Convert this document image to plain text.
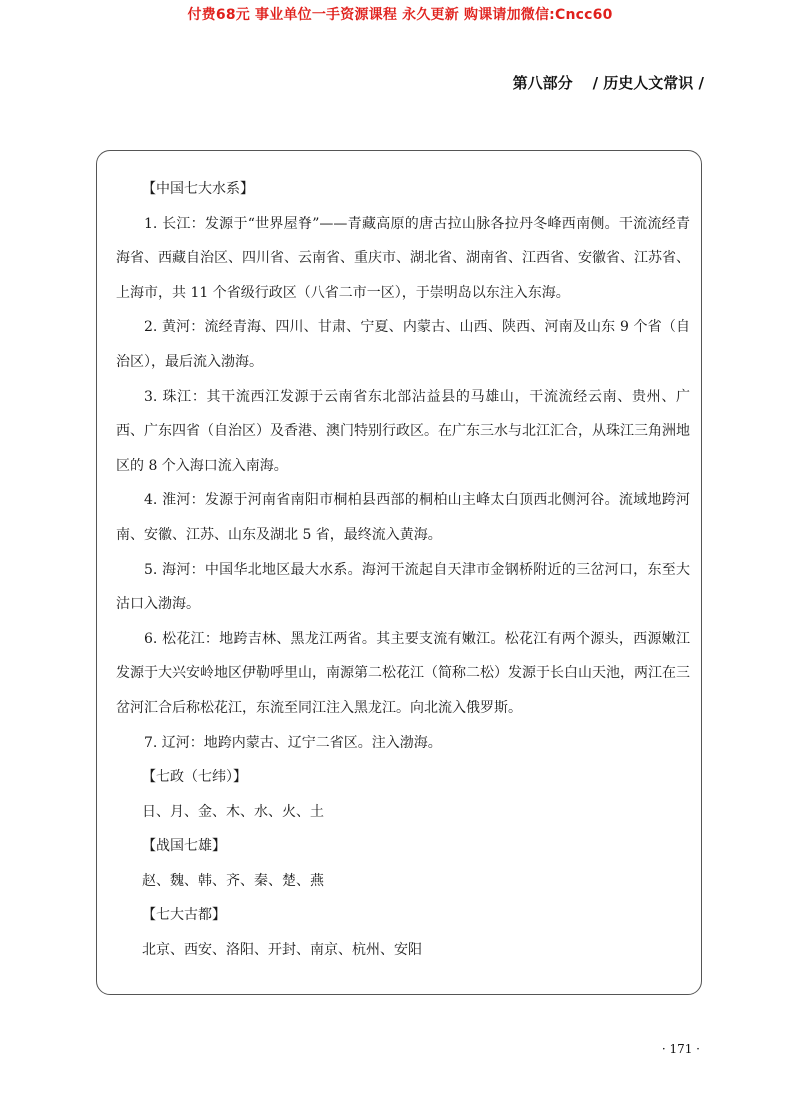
付费68元 事业单位一手资源课程 永久更新 购课请加微信:Cncc60
第八部分 / 历史人文常识 /

【中国七大水系】

1. 长江：发源于“世界屋脊”——青藏高原的唐古拉山脉各拉丹冬峰西南侧。干流流经青海省、西藏自治区、四川省、云南省、重庆市、湖北省、湖南省、江西省、安徽省、江苏省、上海市，共 11 个省级行政区（八省二市一区），于崇明岛以东注入东海。

2. 黄河：流经青海、四川、甘肃、宁夏、内蒙古、山西、陕西、河南及山东 9 个省（自治区），最后流入渤海。

3. 珠江：其干流西江发源于云南省东北部沾益县的马雄山，干流流经云南、贵州、广西、广东四省（自治区）及香港、澳门特别行政区。在广东三水与北江汇合，从珠江三角洲地区的 8 个入海口流入南海。

4. 淮河：发源于河南省南阳市桐柏县西部的桐柏山主峰太白顶西北侧河谷。流域地跨河南、安徽、江苏、山东及湖北 5 省，最终流入黄海。

5. 海河：中国华北地区最大水系。海河干流起自天津市金钢桥附近的三岔河口，东至大沽口入渤海。

6. 松花江：地跨吉林、黑龙江两省。其主要支流有嫩江。松花江有两个源头，西源嫩江发源于大兴安岭地区伊勒呼里山，南源第二松花江（简称二松）发源于长白山天池，两江在三岔河汇合后称松花江，东流至同江注入黑龙江。向北流入俄罗斯。

7. 辽河：地跨内蒙古、辽宁二省区。注入渤海。

【七政（七纬）】

日、月、金、木、水、火、土

【战国七雄】

赵、魏、韩、齐、秦、楚、燕

【七大古都】

北京、西安、洛阳、开封、南京、杭州、安阳

· 171 ·
